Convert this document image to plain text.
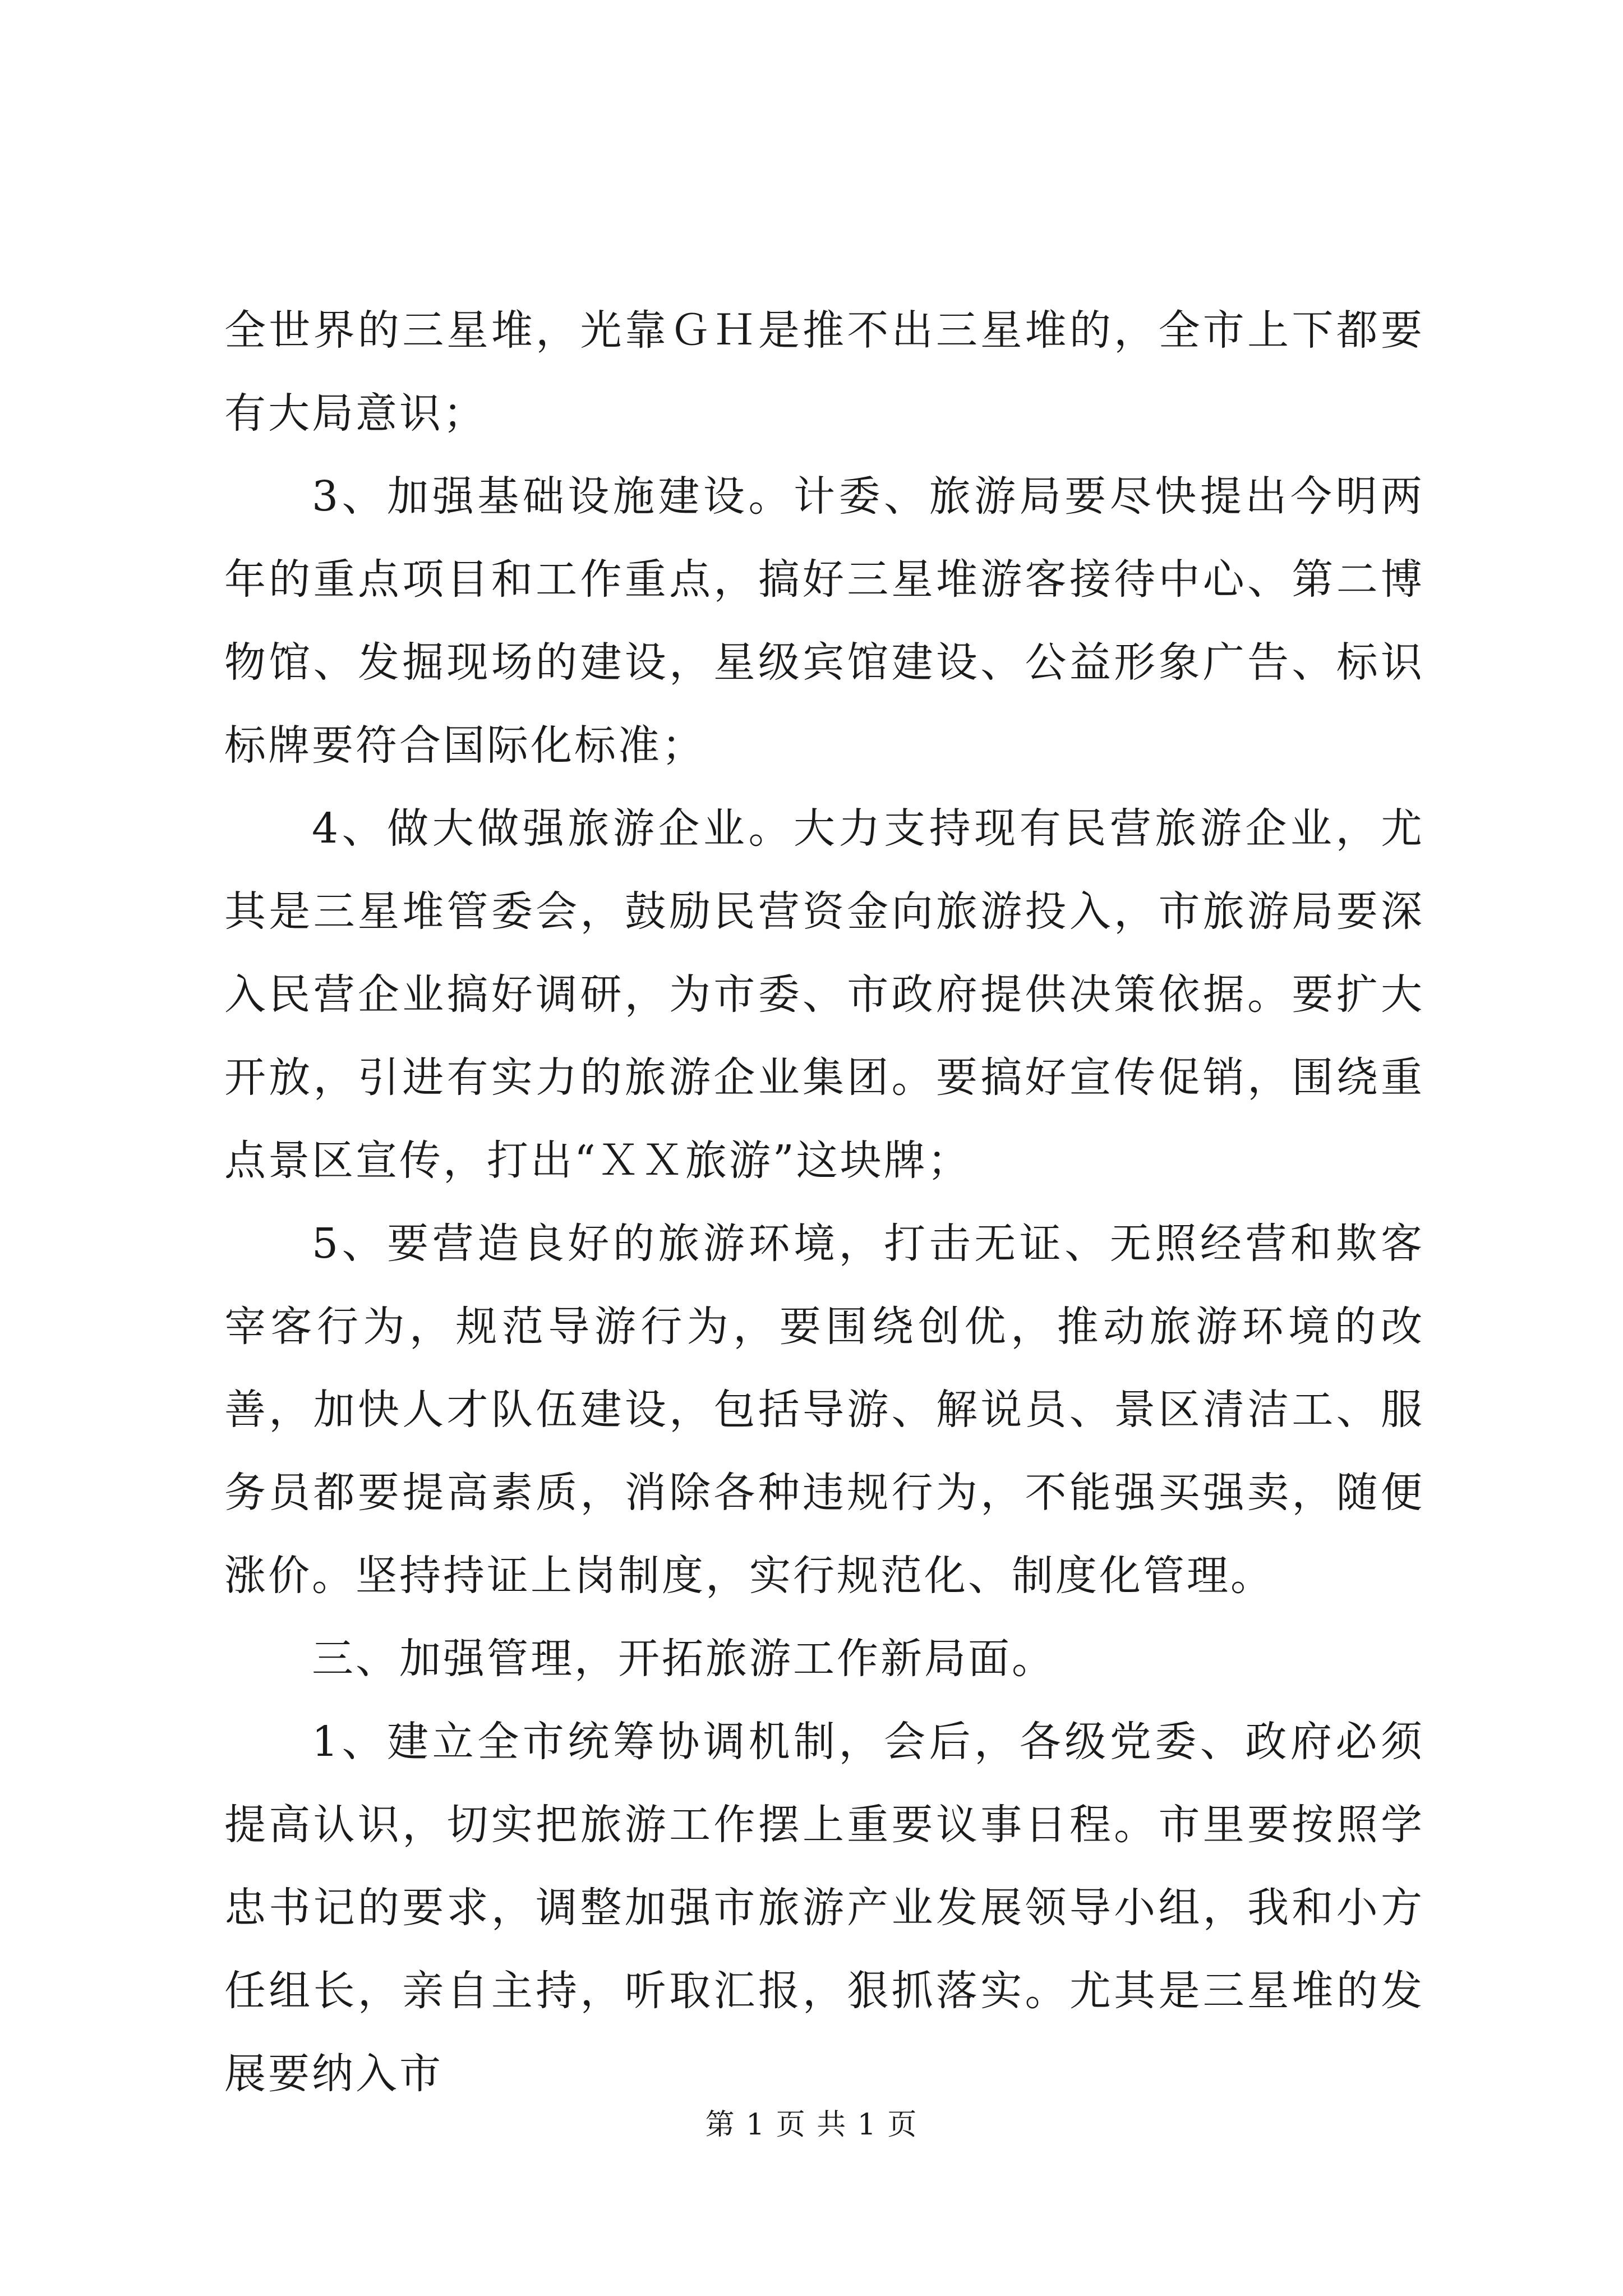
全世界的三星堆，光靠ＧＨ是推不出三星堆的，全市上下都要有大局意识；

3、加强基础设施建设。计委、旅游局要尽快提出今明两年的重点项目和工作重点，搞好三星堆游客接待中心、第二博物馆、发掘现场的建设，星级宾馆建设、公益形象广告、标识标牌要符合国际化标准；

4、做大做强旅游企业。大力支持现有民营旅游企业，尤其是三星堆管委会，鼓励民营资金向旅游投入，市旅游局要深入民营企业搞好调研，为市委、市政府提供决策依据。要扩大开放，引进有实力的旅游企业集团。要搞好宣传促销，围绕重点景区宣传，打出“ＸＸ旅游”这块牌；

5、要营造良好的旅游环境，打击无证、无照经营和欺客宰客行为，规范导游行为，要围绕创优，推动旅游环境的改善，加快人才队伍建设，包括导游、解说员、景区清洁工、服务员都要提高素质，消除各种违规行为，不能强买强卖，随便涨价。坚持持证上岗制度，实行规范化、制度化管理。

三、加强管理，开拓旅游工作新局面。

1、建立全市统筹协调机制，会后，各级党委、政府必须提高认识，切实把旅游工作摆上重要议事日程。市里要按照学忠书记的要求，调整加强市旅游产业发展领导小组，我和小方任组长，亲自主持，听取汇报，狠抓落实。尤其是三星堆的发展要纳入市

第 1 页 共 1 页
